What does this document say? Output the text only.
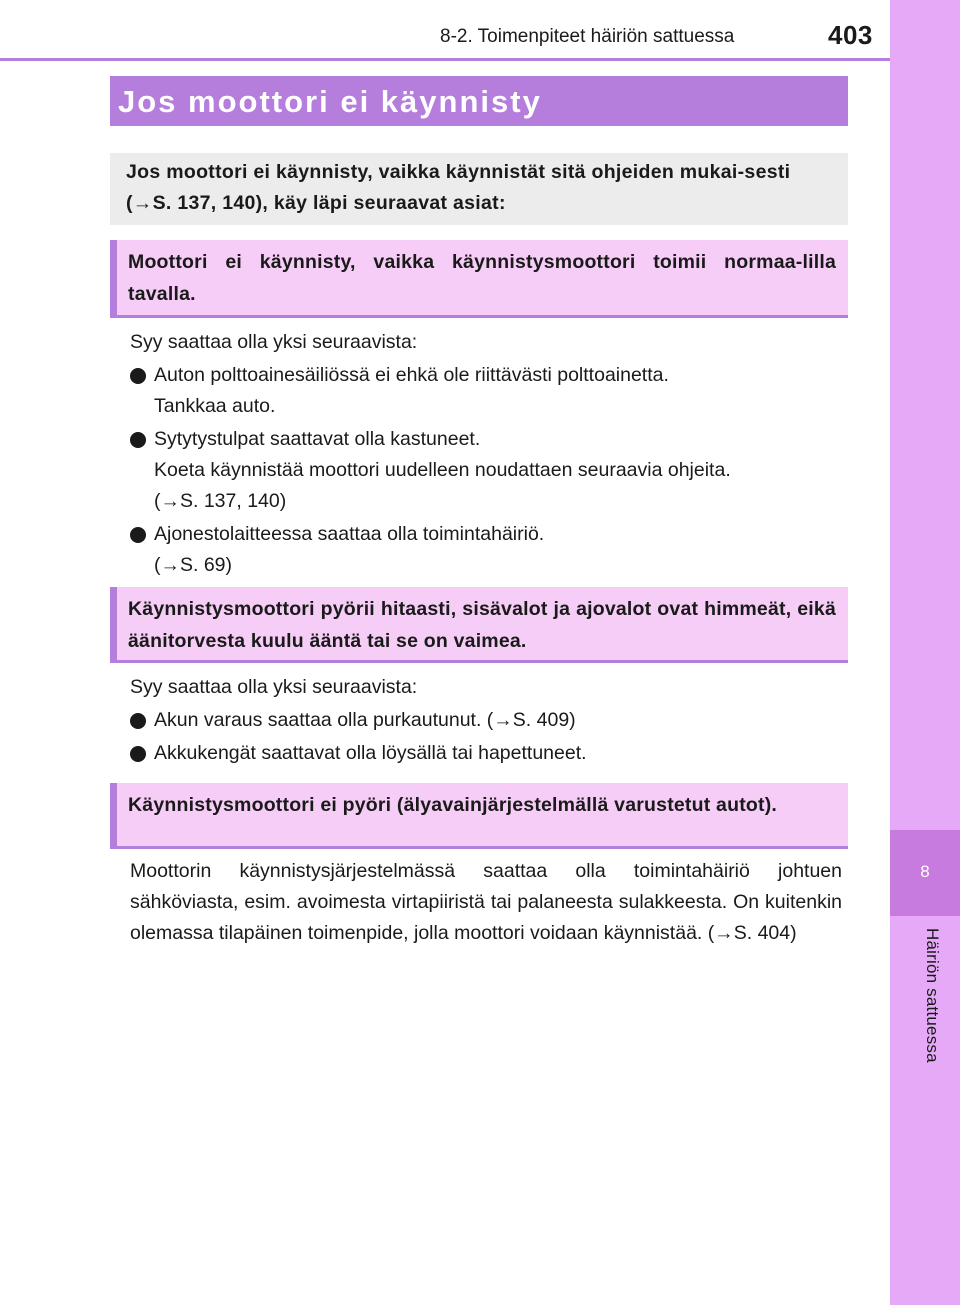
8-2. Toimenpiteet häiriön sattuessa	403
8
Häiriön sattuessa
Jos moottori ei käynnisty

Jos moottori ei käynnisty, vaikka käynnistät sitä ohjeiden mukai-sesti (→S. 137, 140), käy läpi seuraavat asiat:

Moottori ei käynnisty, vaikka käynnistysmoottori toimii normaa-lilla tavalla.

Syy saattaa olla yksi seuraavista:

Auton polttoainesäiliössä ei ehkä ole riittävästi polttoainetta.

Tankkaa auto.

Sytytystulpat saattavat olla kastuneet.

Koeta käynnistää moottori uudelleen noudattaen seuraavia ohjeita.

(→S. 137, 140)

Ajonestolaitteessa saattaa olla toimintahäiriö.

(→S. 69)

Käynnistysmoottori pyörii hitaasti, sisävalot ja ajovalot ovat himmeät, eikä äänitorvesta kuulu ääntä tai se on vaimea.

Syy saattaa olla yksi seuraavista:

Akun varaus saattaa olla purkautunut. (→S. 409)

Akkukengät saattavat olla löysällä tai hapettuneet.

Käynnistysmoottori ei pyöri (älyavainjärjestelmällä varustetut autot).

Moottorin käynnistysjärjestelmässä saattaa olla toimintahäiriö johtuen sähköviasta, esim. avoimesta virtapiiristä tai palaneesta sulakkeesta. On kuitenkin olemassa tilapäinen toimenpide, jolla moottori voidaan käynnistää. (→S. 404)
